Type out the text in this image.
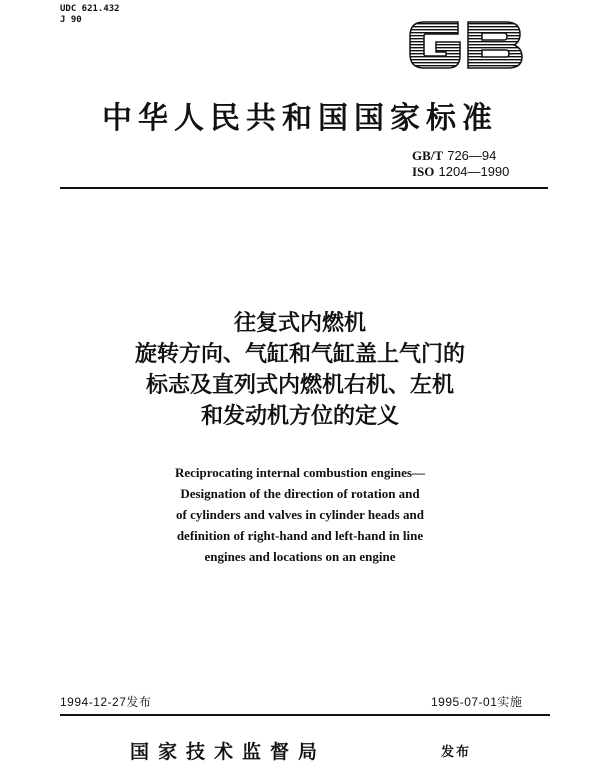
UDC 621.432
J 90
中华人民共和国国家标准
GB/T 726—94
ISO 1204—1990
往复式内燃机
旋转方向、气缸和气缸盖上气门的
标志及直列式内燃机右机、左机
和发动机方位的定义
Reciprocating internal combustion engines—
Designation of the direction of rotation and
of cylinders and valves in cylinder heads and
definition of right-hand and left-hand in line
engines and locations on an engine
1994-12-27发布	1995-07-01实施
国家技术监督局	发布
